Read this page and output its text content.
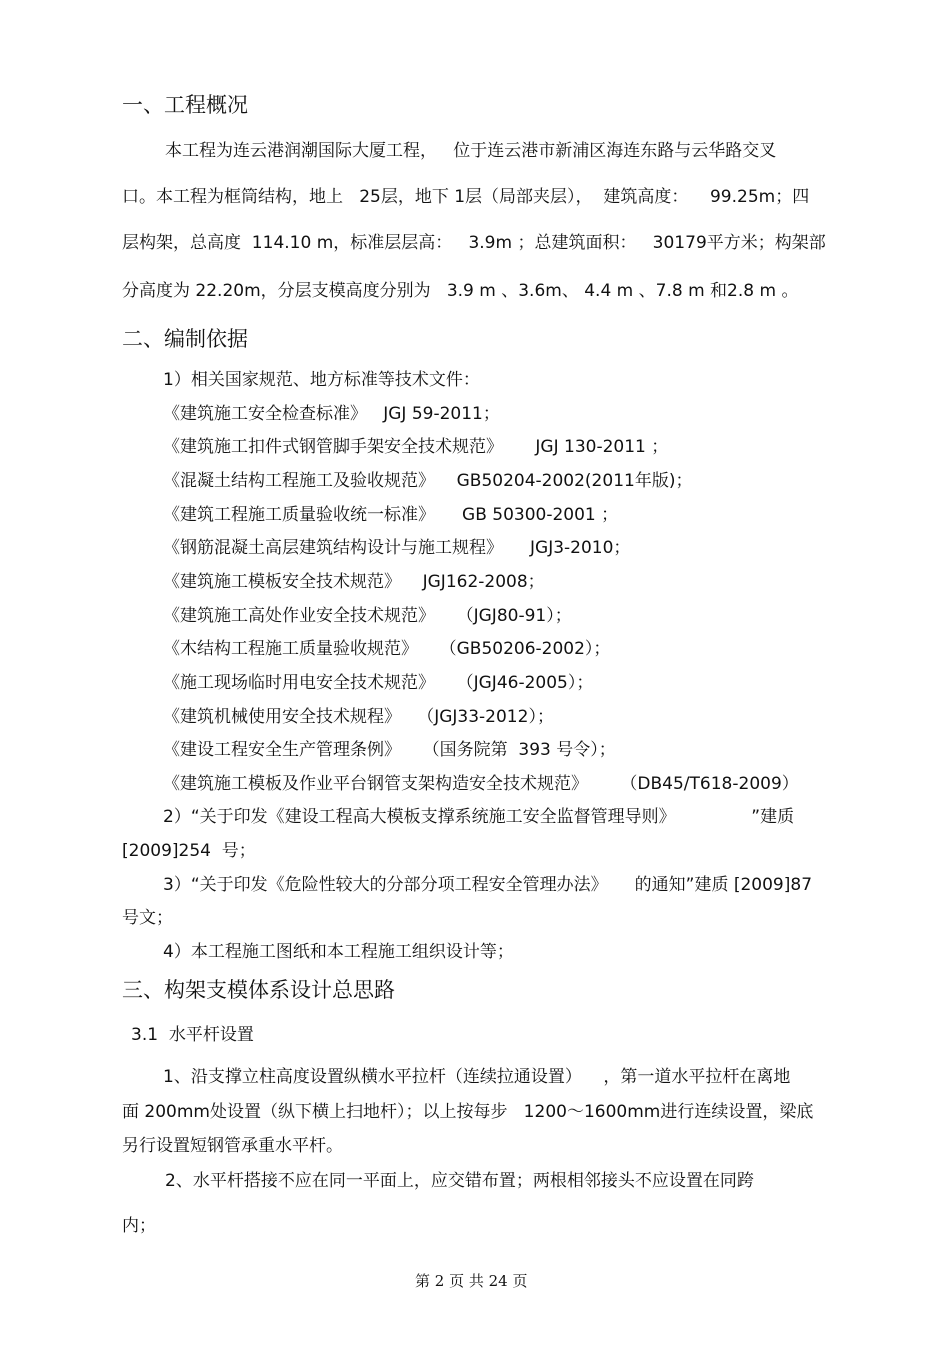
一、工程概况
本工程为连云港润潮国际大厦工程，   位于连云港市新浦区海连东路与云华路交叉
口。本工程为框筒结构，地上   25层，地下 1层（局部夹层），  建筑高度：    99.25m；四
层构架，总高度  114.10 m，标准层层高：   3.9m ；总建筑面积：   30179平方米；构架部
分高度为 22.20m，分层支模高度分别为   3.9 m 、3.6m、 4.4 m 、7.8 m 和2.8 m 。
二、编制依据
1）相关国家规范、地方标准等技术文件：
《建筑施工安全检查标准》   JGJ 59-2011；
《建筑施工扣件式钢管脚手架安全技术规范》      JGJ 130-2011 ；
《混凝土结构工程施工及验收规范》    GB50204-2002(2011年版)；
《建筑工程施工质量验收统一标准》     GB 50300-2001 ；
《钢筋混凝土高层建筑结构设计与施工规程》     JGJ3-2010；
《建筑施工模板安全技术规范》    JGJ162-2008；
《建筑施工高处作业安全技术规范》    （JGJ80-91）；
《木结构工程施工质量验收规范》    （GB50206-2002）；
《施工现场临时用电安全技术规范》    （JGJ46-2005）；
《建筑机械使用安全技术规程》   （JGJ33-2012）；
《建设工程安全生产管理条例》    （国务院第  393 号令）；
《建筑施工模板及作业平台钢管支架构造安全技术规范》      （DB45/T618-2009）
2）“关于印发《建设工程高大模板支撑系统施工安全监督管理导则》              ”建质
[2009]254  号；
3）“关于印发《危险性较大的分部分项工程安全管理办法》     的通知”建质 [2009]87
号文；
4）本工程施工图纸和本工程施工组织设计等；
三、构架支模体系设计总思路
3.1  水平杆设置
1、沿支撑立柱高度设置纵横水平拉杆（连续拉通设置）    ，第一道水平拉杆在离地
面 200mm处设置（纵下横上扫地杆）；以上按每步   1200～1600mm进行连续设置，梁底
另行设置短钢管承重水平杆。
2、水平杆搭接不应在同一平面上，应交错布置；两根相邻接头不应设置在同跨
内；
第 2 页 共 24 页
